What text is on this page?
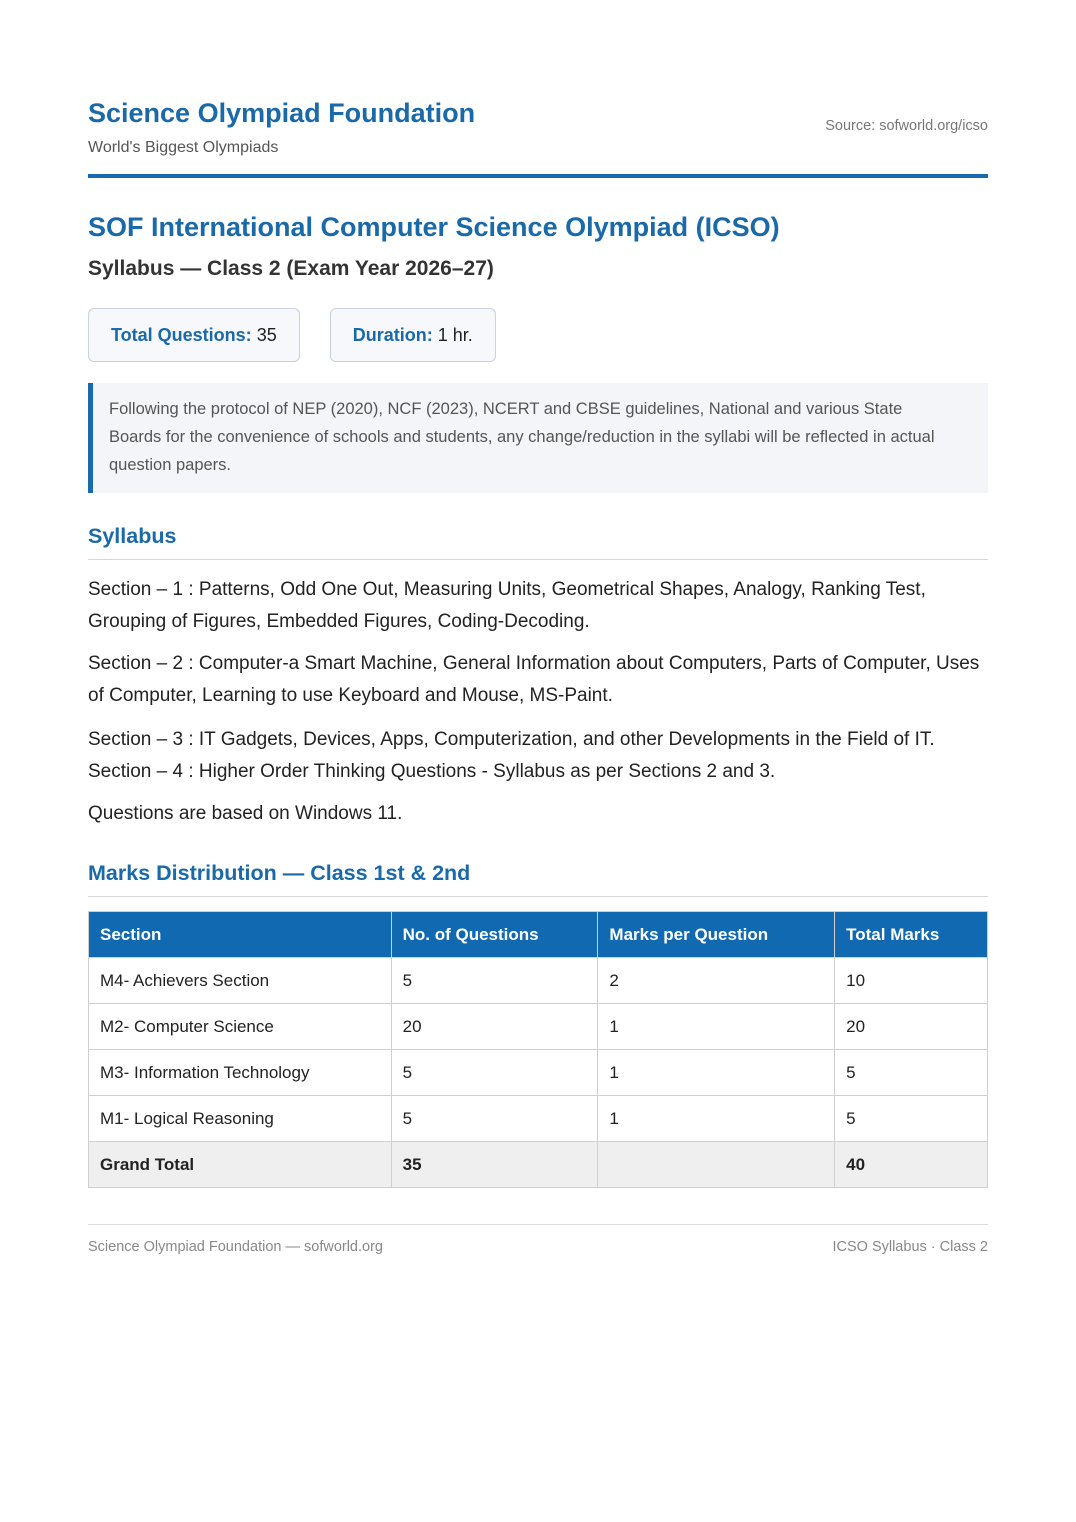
Science Olympiad Foundation
World's Biggest Olympiads
Source: sofworld.org/icso
SOF International Computer Science Olympiad (ICSO)
Syllabus — Class 2 (Exam Year 2026–27)
Total Questions: 35	Duration: 1 hr.
Following the protocol of NEP (2020), NCF (2023), NCERT and CBSE guidelines, National and various State Boards for the convenience of schools and students, any change/reduction in the syllabi will be reflected in actual question papers.
Syllabus

Section – 1 : Patterns, Odd One Out, Measuring Units, Geometrical Shapes, Analogy, Ranking Test, Grouping of Figures, Embedded Figures, Coding-Decoding.

Section – 2 : Computer-a Smart Machine, General Information about Computers, Parts of Computer, Uses of Computer, Learning to use Keyboard and Mouse, MS-Paint.

Section – 3 : IT Gadgets, Devices, Apps, Computerization, and other Developments in the Field of IT. Section – 4 : Higher Order Thinking Questions - Syllabus as per Sections 2 and 3.

Questions are based on Windows 11.

Marks Distribution — Class 1st & 2nd
Section	No. of Questions	Marks per Question	Total Marks
M4- Achievers Section	5	2	10
M2- Computer Science	20	1	20
M3- Information Technology	5	1	5
M1- Logical Reasoning	5	1	5
Grand Total	35		40
Science Olympiad Foundation — sofworld.org	ICSO Syllabus · Class 2
